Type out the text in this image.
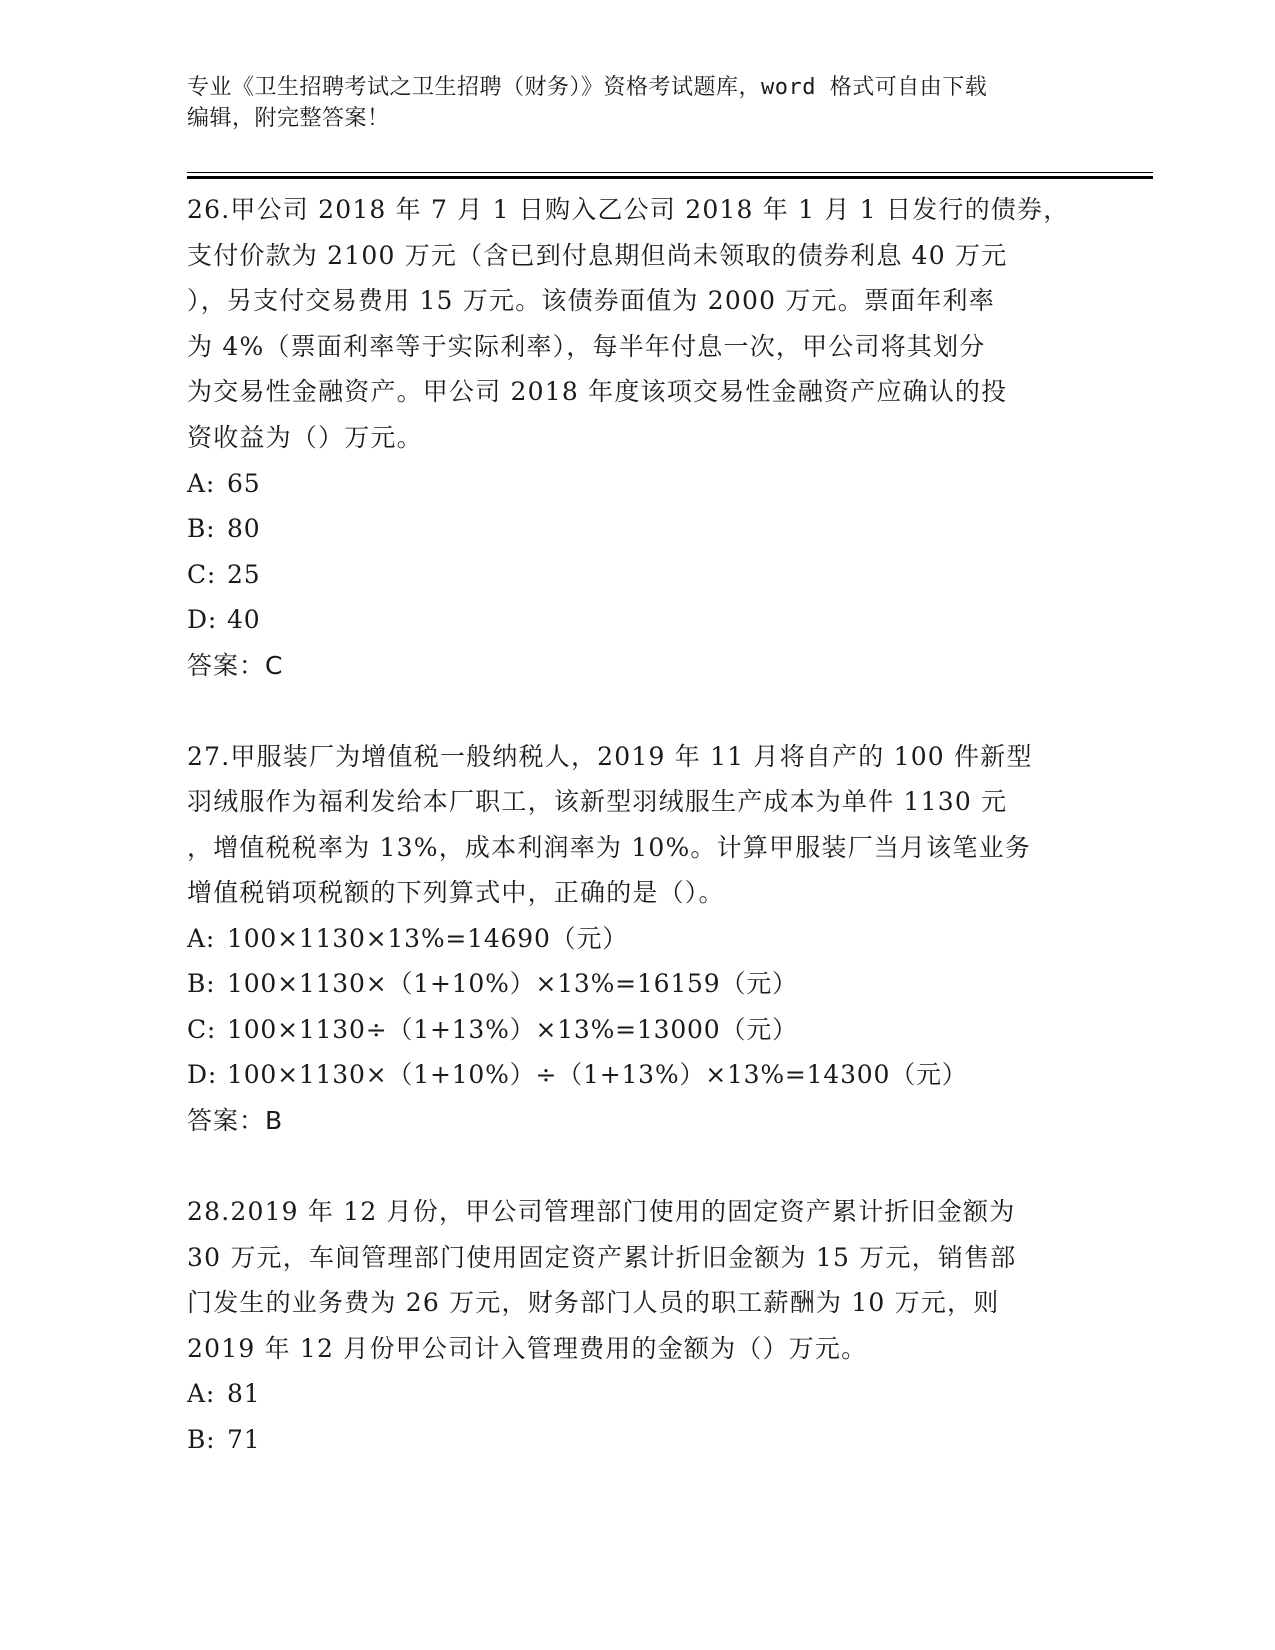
专业《卫生招聘考试之卫生招聘（财务）》资格考试题库，word 格式可自由下载
编辑，附完整答案！
26.甲公司 2018 年 7 月 1 日购入乙公司 2018 年 1 月 1 日发行的债券，
支付价款为 2100 万元（含已到付息期但尚未领取的债券利息 40 万元
），另支付交易费用 15 万元。该债券面值为 2000 万元。票面年利率
为 4%（票面利率等于实际利率），每半年付息一次，甲公司将其划分
为交易性金融资产。甲公司 2018 年度该项交易性金融资产应确认的投
资收益为（）万元。
A: 65
B: 80
C: 25
D: 40
答案：C
27.甲服装厂为增值税一般纳税人，2019 年 11 月将自产的 100 件新型
羽绒服作为福利发给本厂职工，该新型羽绒服生产成本为单件 1130 元
，增值税税率为 13%，成本利润率为 10%。计算甲服装厂当月该笔业务
增值税销项税额的下列算式中，正确的是（）。
A: 100×1130×13%=14690（元）
B: 100×1130×（1+10%）×13%=16159（元）
C: 100×1130÷（1+13%）×13%=13000（元）
D: 100×1130×（1+10%）÷（1+13%）×13%=14300（元）
答案：B
28.2019 年 12 月份，甲公司管理部门使用的固定资产累计折旧金额为
30 万元，车间管理部门使用固定资产累计折旧金额为 15 万元，销售部
门发生的业务费为 26 万元，财务部门人员的职工薪酬为 10 万元，则
2019 年 12 月份甲公司计入管理费用的金额为（）万元。
A: 81
B: 71
